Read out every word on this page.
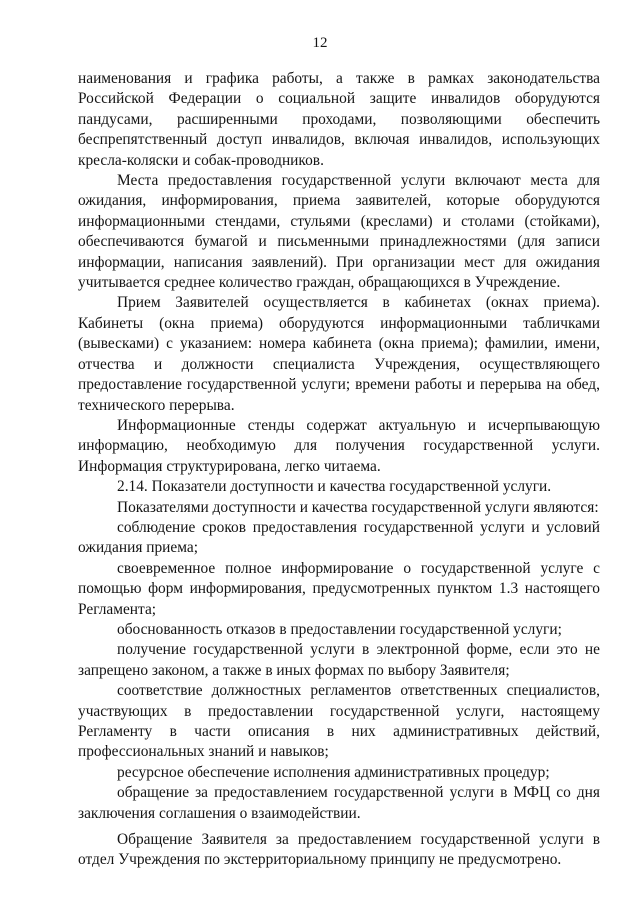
12

наименования и графика работы, а также в рамках законодательства Российской Федерации о социальной защите инвалидов оборудуются пандусами, расширенными проходами, позволяющими обеспечить беспрепятственный доступ инвалидов, включая инвалидов, использующих кресла-коляски и собак-проводников.

Места предоставления государственной услуги включают места для ожидания, информирования, приема заявителей, которые оборудуются информационными стендами, стульями (креслами) и столами (стойками), обеспечиваются бумагой и письменными принадлежностями (для записи информации, написания заявлений). При организации мест для ожидания учитывается среднее количество граждан, обращающихся в Учреждение.

Прием Заявителей осуществляется в кабинетах (окнах приема). Кабинеты (окна приема) оборудуются информационными табличками (вывесками) с указанием: номера кабинета (окна приема); фамилии, имени, отчества и должности специалиста Учреждения, осуществляющего предоставление государственной услуги; времени работы и перерыва на обед, технического перерыва.

Информационные стенды содержат актуальную и исчерпывающую информацию, необходимую для получения государственной услуги. Информация структурирована, легко читаема.

2.14. Показатели доступности и качества государственной услуги.

Показателями доступности и качества государственной услуги являются:

соблюдение сроков предоставления государственной услуги и условий ожидания приема;

своевременное полное информирование о государственной услуге с помощью форм информирования, предусмотренных пунктом 1.3 настоящего Регламента;

обоснованность отказов в предоставлении государственной услуги;

получение государственной услуги в электронной форме, если это не запрещено законом, а также в иных формах по выбору Заявителя;

соответствие должностных регламентов ответственных специалистов, участвующих в предоставлении государственной услуги, настоящему Регламенту в части описания в них административных действий, профессиональных знаний и навыков;

ресурсное обеспечение исполнения административных процедур;

обращение за предоставлением государственной услуги в МФЦ со дня заключения соглашения о взаимодействии.

Обращение Заявителя за предоставлением государственной услуги в отдел Учреждения по экстерриториальному принципу не предусмотрено.
